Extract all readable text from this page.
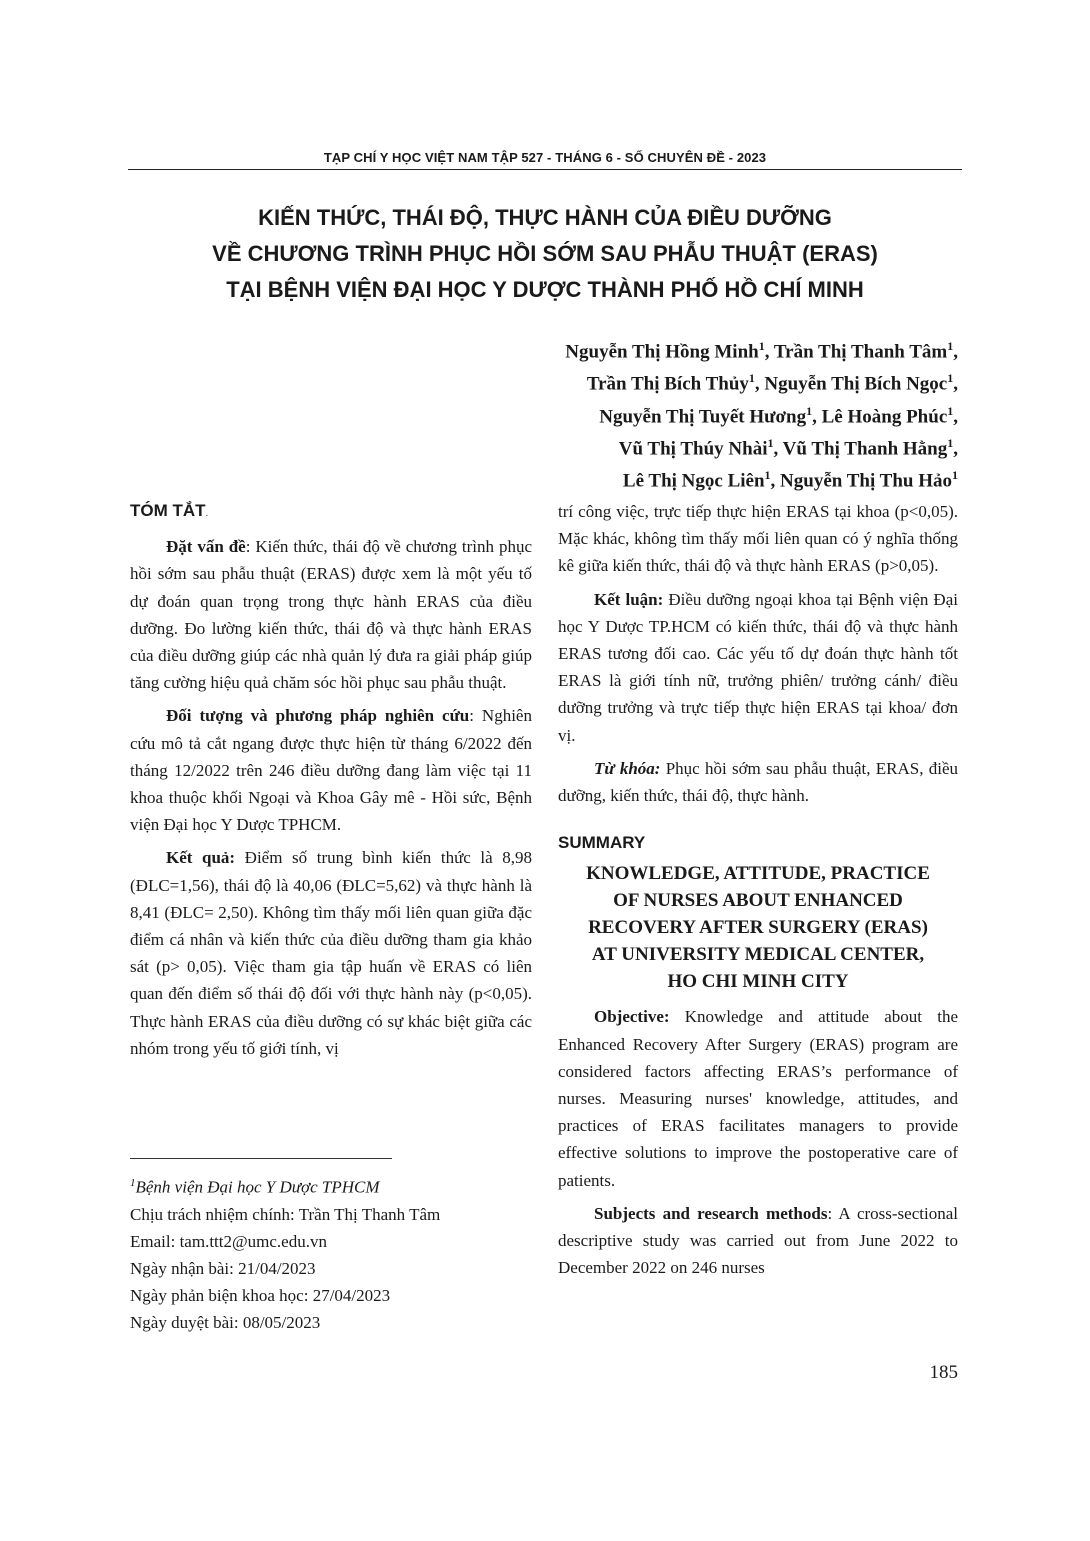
TẠP CHÍ Y HỌC VIỆT NAM TẬP 527 - THÁNG 6 - SỐ CHUYÊN ĐỀ - 2023
KIẾN THỨC, THÁI ĐỘ, THỰC HÀNH CỦA ĐIỀU DƯỠNG
VỀ CHƯƠNG TRÌNH PHỤC HỒI SỚM SAU PHẪU THUẬT (ERAS)
TẠI BỆNH VIỆN ĐẠI HỌC Y DƯỢC THÀNH PHỐ HỒ CHÍ MINH
Nguyễn Thị Hồng Minh$^1$, Trần Thị Thanh Tâm$^1$,
Trần Thị Bích Thủy$^1$, Nguyễn Thị Bích Ngọc$^1$,
Nguyễn Thị Tuyết Hương$^1$, Lê Hoàng Phúc$^1$,
Vũ Thị Thúy Nhài$^1$, Vũ Thị Thanh Hằng$^1$,
Lê Thị Ngọc Liên$^1$, Nguyễn Thị Thu Hảo$^1$
TÓM TẮT.

Đặt vấn đề: Kiến thức, thái độ về chương trình phục hồi sớm sau phẫu thuật (ERAS) được xem là một yếu tố dự đoán quan trọng trong thực hành ERAS của điều dưỡng. Đo lường kiến thức, thái độ và thực hành ERAS của điều dưỡng giúp các nhà quản lý đưa ra giải pháp giúp tăng cường hiệu quả chăm sóc hồi phục sau phẫu thuật.

Đối tượng và phương pháp nghiên cứu: Nghiên cứu mô tả cắt ngang được thực hiện từ tháng 6/2022 đến tháng 12/2022 trên 246 điều dưỡng đang làm việc tại 11 khoa thuộc khối Ngoại và Khoa Gây mê - Hồi sức, Bệnh viện Đại học Y Dược TPHCM.

Kết quả: Điểm số trung bình kiến thức là 8,98 (ĐLC=1,56), thái độ là 40,06 (ĐLC=5,62) và thực hành là 8,41 (ĐLC= 2,50). Không tìm thấy mối liên quan giữa đặc điểm cá nhân và kiến thức của điều dưỡng tham gia khảo sát (p> 0,05). Việc tham gia tập huấn về ERAS có liên quan đến điểm số thái độ đối với thực hành này (p<0,05). Thực hành ERAS của điều dưỡng có sự khác biệt giữa các nhóm trong yếu tố giới tính, vị

trí công việc, trực tiếp thực hiện ERAS tại khoa (p<0,05). Mặc khác, không tìm thấy mối liên quan có ý nghĩa thống kê giữa kiến thức, thái độ và thực hành ERAS (p>0,05).

Kết luận: Điều dưỡng ngoại khoa tại Bệnh viện Đại học Y Dược TP.HCM có kiến thức, thái độ và thực hành ERAS tương đối cao. Các yếu tố dự đoán thực hành tốt ERAS là giới tính nữ, trưởng phiên/ trưởng cánh/ điều dưỡng trưởng và trực tiếp thực hiện ERAS tại khoa/ đơn vị.

Từ khóa: Phục hồi sớm sau phẫu thuật, ERAS, điều dưỡng, kiến thức, thái độ, thực hành.

SUMMARY
KNOWLEDGE, ATTITUDE, PRACTICE
OF NURSES ABOUT ENHANCED
RECOVERY AFTER SURGERY (ERAS)
AT UNIVERSITY MEDICAL CENTER,
HO CHI MINH CITY

Objective: Knowledge and attitude about the Enhanced Recovery After Surgery (ERAS) program are considered factors affecting ERAS’s performance of nurses. Measuring nurses' knowledge, attitudes, and practices of ERAS facilitates managers to provide effective solutions to improve the postoperative care of patients.

Subjects and research methods: A cross-sectional descriptive study was carried out from June 2022 to December 2022 on 246 nurses

$^1$Bệnh viện Đại học Y Dược TPHCM
Chịu trách nhiệm chính: Trần Thị Thanh Tâm
Email: tam.ttt2@umc.edu.vn
Ngày nhận bài: 21/04/2023
Ngày phản biện khoa học: 27/04/2023
Ngày duyệt bài: 08/05/2023
185
